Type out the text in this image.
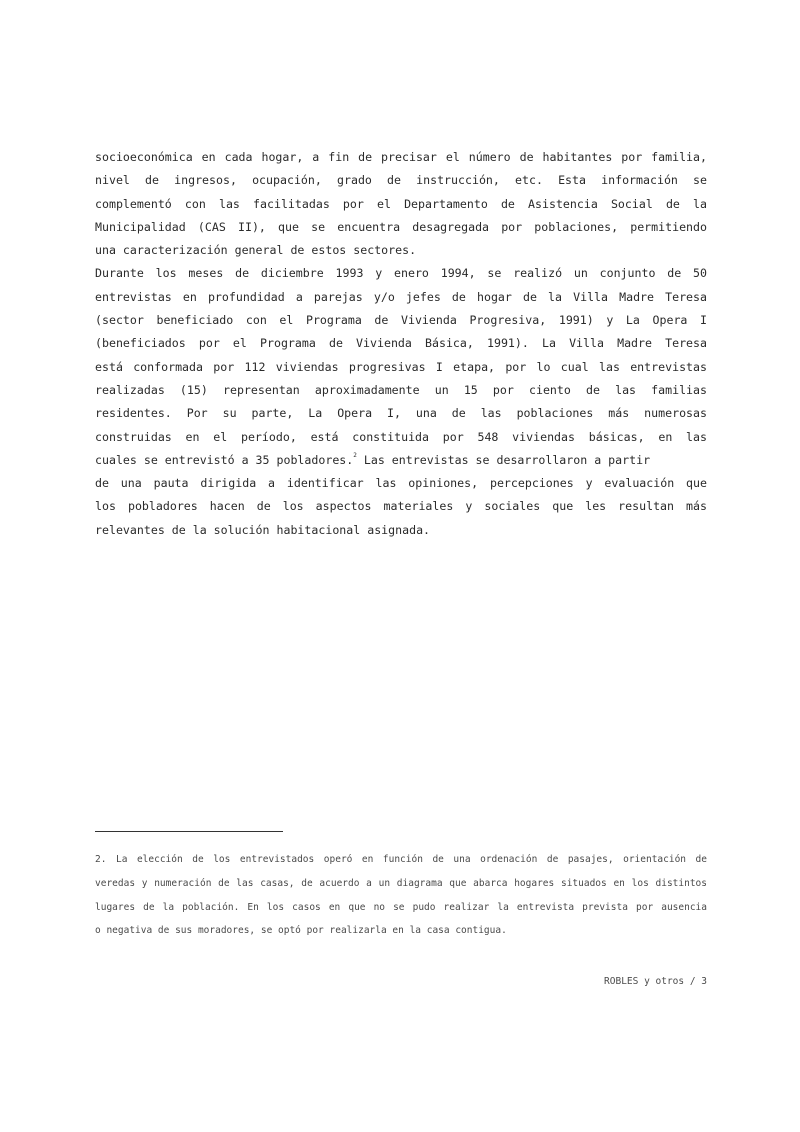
socioeconómica en cada hogar, a fin de precisar el número de habitantes por familia,
nivel de ingresos, ocupación, grado de instrucción, etc. Esta información se
complementó con las facilitadas por el Departamento de Asistencia Social de la
Municipalidad (CAS II), que se encuentra desagregada por poblaciones, permitiendo
una caracterización general de estos sectores.
Durante los meses de diciembre 1993 y enero 1994, se realizó un conjunto de 50
entrevistas en profundidad a parejas y/o jefes de hogar de la Villa Madre Teresa
(sector beneficiado con el Programa de Vivienda Progresiva, 1991) y La Opera I
(beneficiados por el Programa de Vivienda Básica, 1991). La Villa Madre Teresa
está conformada por 112 viviendas progresivas I etapa, por lo cual las entrevistas
realizadas (15) representan aproximadamente un 15 por ciento de las familias
residentes. Por su parte, La Opera I, una de las poblaciones más numerosas
construidas en el período, está constituida por 548 viviendas básicas, en las
cuales se entrevistó a 35 pobladores.$^2$ Las entrevistas se desarrollaron a partir
de una pauta dirigida a identificar las opiniones, percepciones y evaluación que
los pobladores hacen de los aspectos materiales y sociales que les resultan más
relevantes de la solución habitacional asignada.
2. La elección de los entrevistados operó en función de una ordenación de pasajes, orientación de
veredas y numeración de las casas, de acuerdo a un diagrama que abarca hogares situados en los distintos
lugares de la población. En los casos en que no se pudo realizar la entrevista prevista por ausencia
o negativa de sus moradores, se optó por realizarla en la casa contigua.
ROBLES y otros / 3
